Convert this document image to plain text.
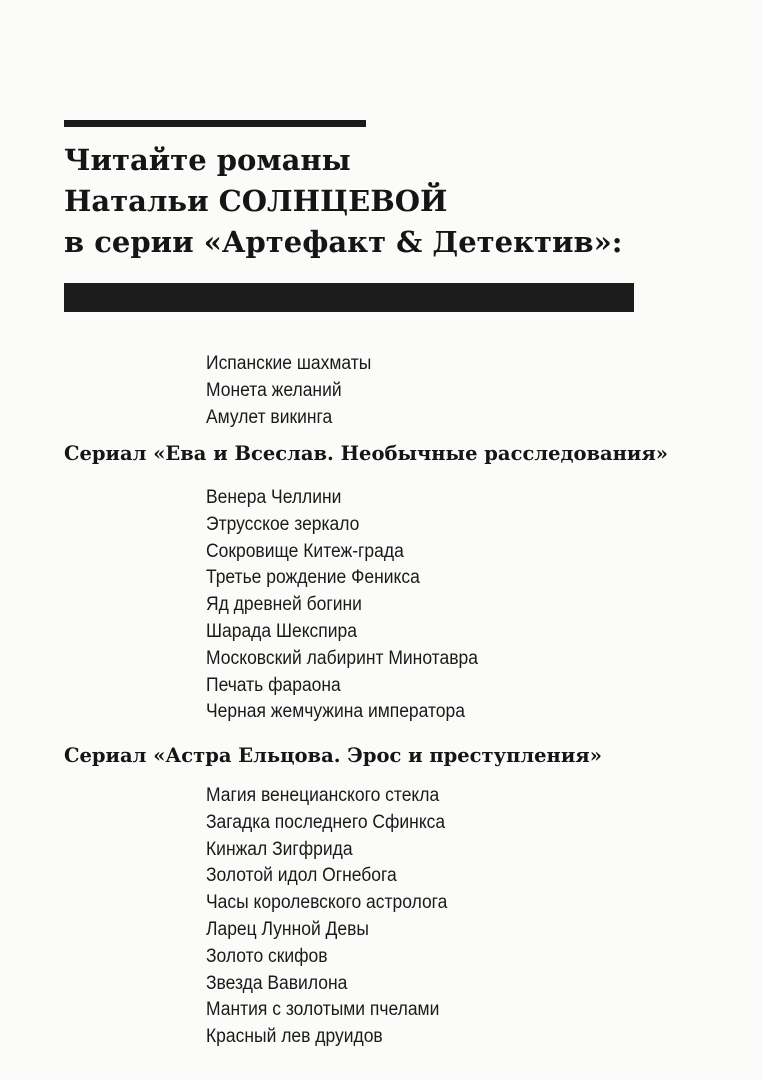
Читайте романы
Натальи СОЛНЦЕВОЙ
в серии «Артефакт & Детектив»:
Испанские шахматы
Монета желаний
Амулет викинга
Сериал «Ева и Всеслав. Необычные расследования»
Венера Челлини
Этрусское зеркало
Сокровище Китеж-града
Третье рождение Феникса
Яд древней богини
Шарада Шекспира
Московский лабиринт Минотавра
Печать фараона
Черная жемчужина императора
Сериал «Астра Ельцова. Эрос и преступления»
Магия венецианского стекла
Загадка последнего Сфинкса
Кинжал Зигфрида
Золотой идол Огнебога
Часы королевского астролога
Ларец Лунной Девы
Золото скифов
Звезда Вавилона
Мантия с золотыми пчелами
Красный лев друидов
